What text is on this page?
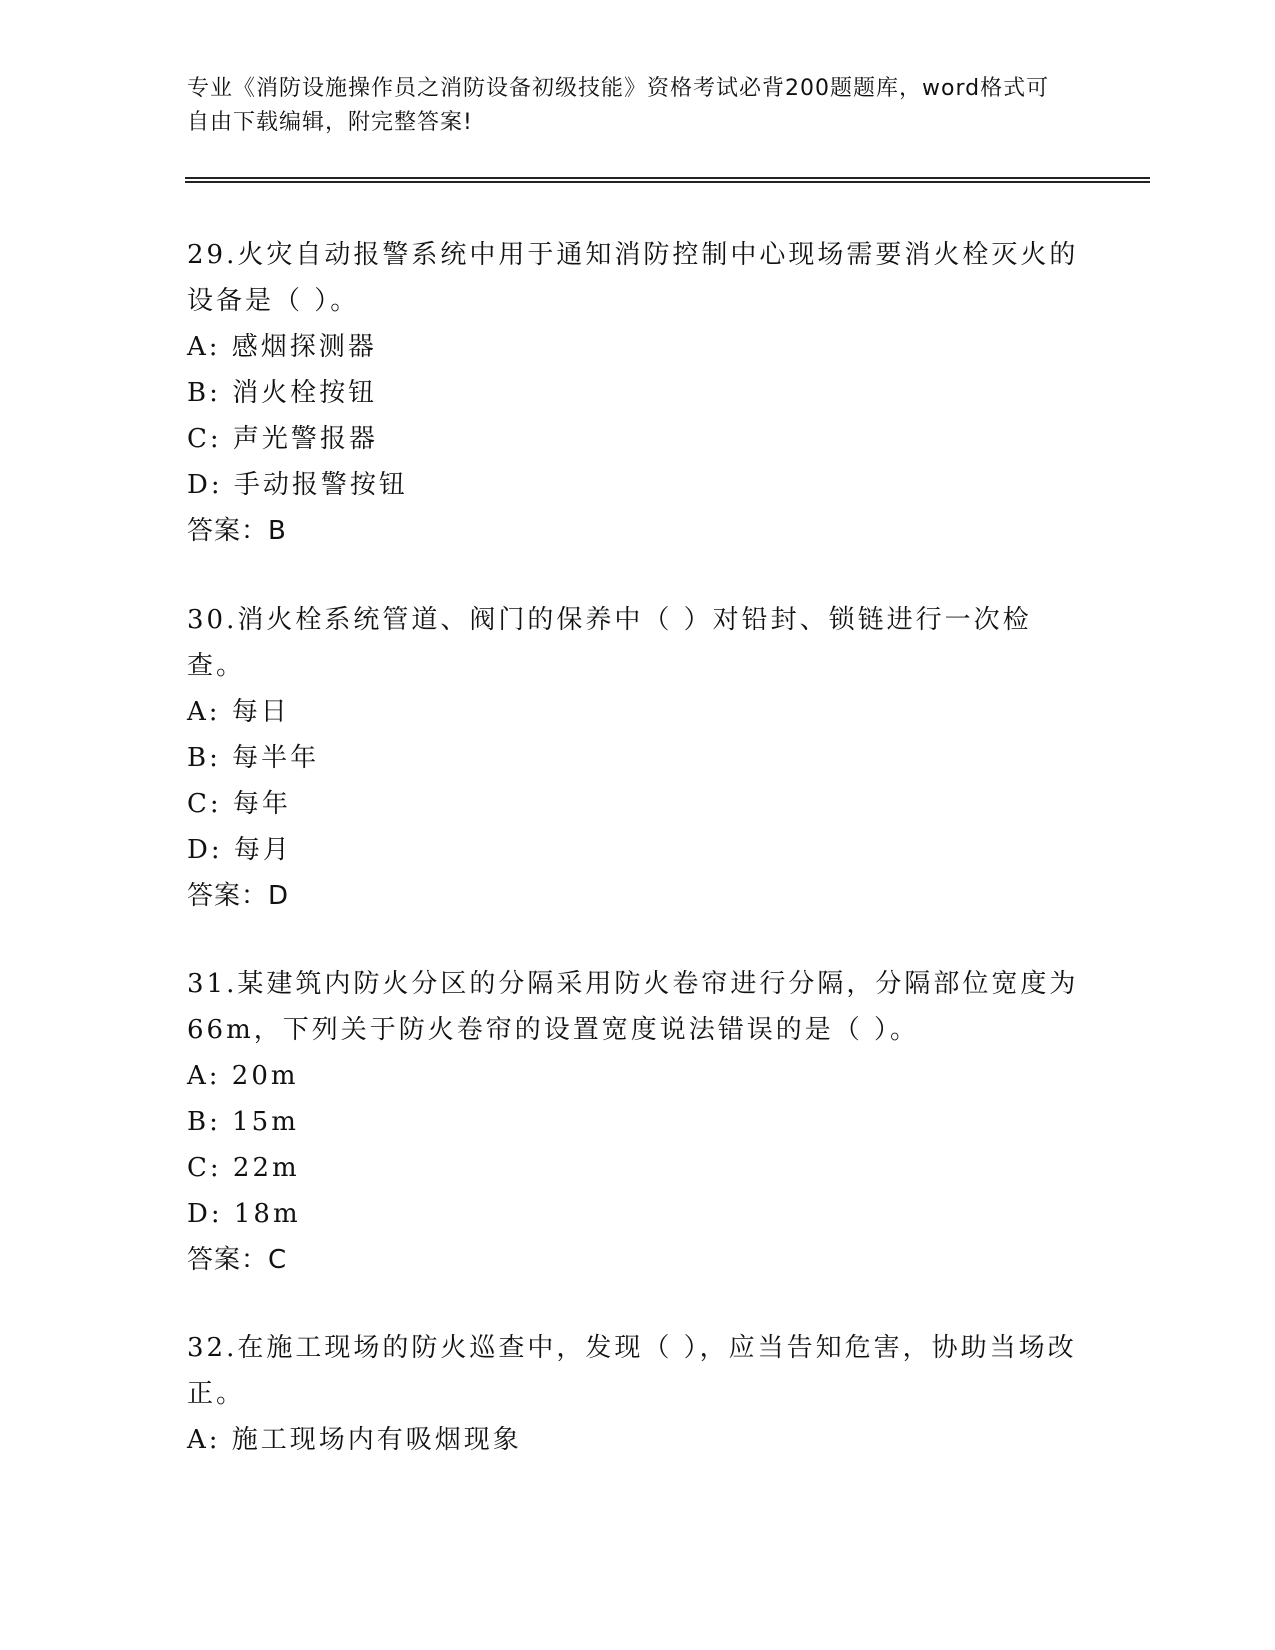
专业《消防设施操作员之消防设备初级技能》资格考试必背200题题库，word格式可自由下载编辑，附完整答案!

29.火灾自动报警系统中用于通知消防控制中心现场需要消火栓灭火的设备是（ ）。

A: 感烟探测器

B: 消火栓按钮

C: 声光警报器

D: 手动报警按钮

答案：B

30.消火栓系统管道、阀门的保养中（ ）对铅封、锁链进行一次检查。

A: 每日

B: 每半年

C: 每年

D: 每月

答案：D

31.某建筑内防火分区的分隔采用防火卷帘进行分隔，分隔部位宽度为66m，下列关于防火卷帘的设置宽度说法错误的是（ ）。

A: 20m

B: 15m

C: 22m

D: 18m

答案：C

32.在施工现场的防火巡查中，发现（ ），应当告知危害，协助当场改正。

A: 施工现场内有吸烟现象
